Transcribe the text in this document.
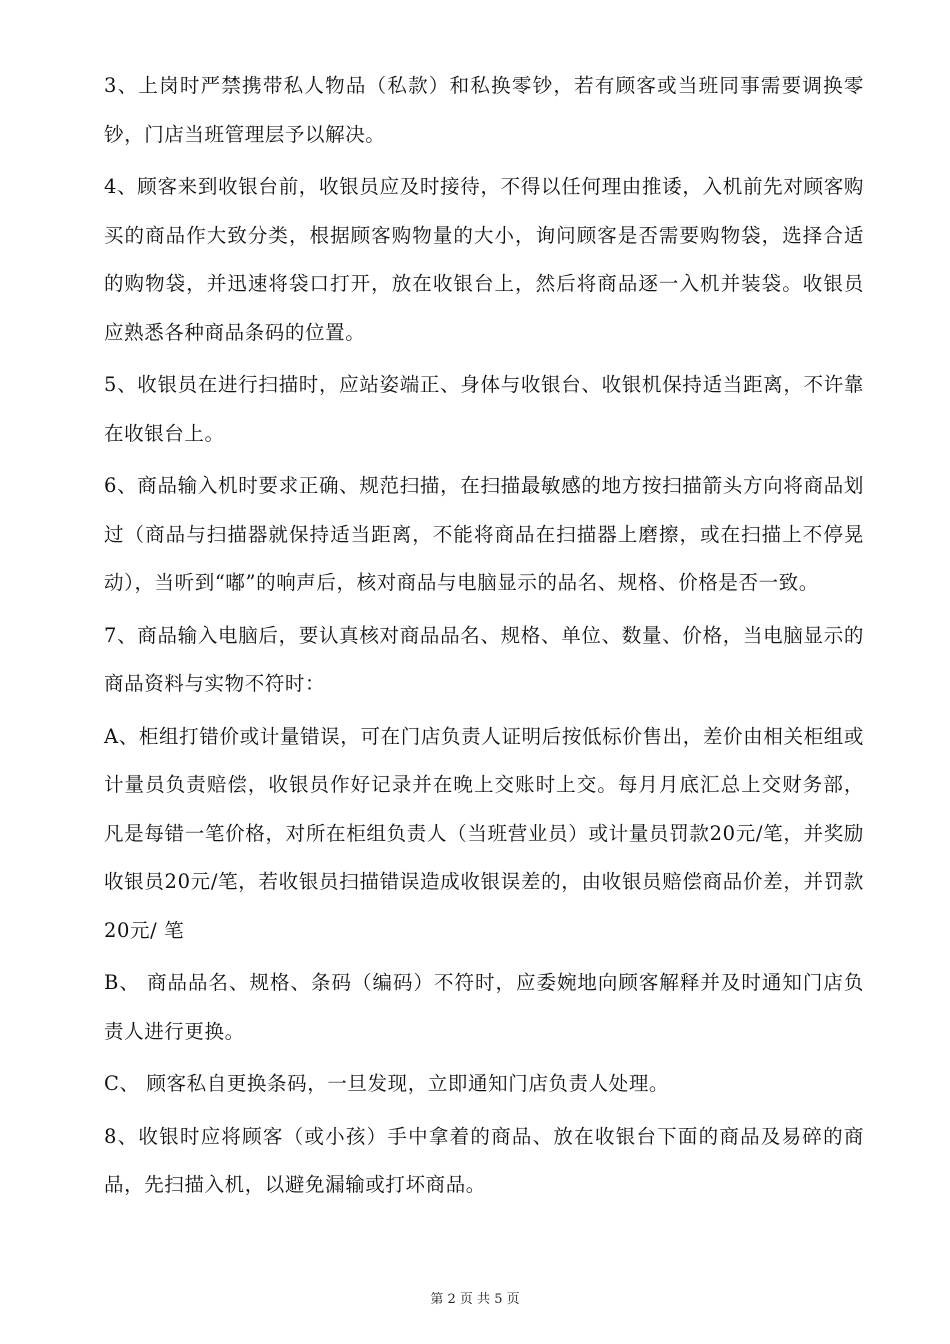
3、上岗时严禁携带私人物品（私款）和私换零钞，若有顾客或当班同事需要调换零钞，门店当班管理层予以解决。

4、顾客来到收银台前，收银员应及时接待，不得以任何理由推诿，入机前先对顾客购买的商品作大致分类，根据顾客购物量的大小，询问顾客是否需要购物袋，选择合适的购物袋，并迅速将袋口打开，放在收银台上，然后将商品逐一入机并装袋。收银员应熟悉各种商品条码的位置。

5、收银员在进行扫描时，应站姿端正、身体与收银台、收银机保持适当距离，不许靠在收银台上。

6、商品输入机时要求正确、规范扫描，在扫描最敏感的地方按扫描箭头方向将商品划过（商品与扫描器就保持适当距离，不能将商品在扫描器上磨擦，或在扫描上不停晃动），当听到“嘟”的响声后，核对商品与电脑显示的品名、规格、价格是否一致。

7、商品输入电脑后，要认真核对商品品名、规格、单位、数量、价格，当电脑显示的商品资料与实物不符时：

A、柜组打错价或计量错误，可在门店负责人证明后按低标价售出，差价由相关柜组或计量员负责赔偿，收银员作好记录并在晚上交账时上交。每月月底汇总上交财务部，凡是每错一笔价格，对所在柜组负责人（当班营业员）或计量员罚款20元/笔，并奖励收银员20元/笔，若收银员扫描错误造成收银误差的，由收银员赔偿商品价差，并罚款20元/ 笔

B、 商品品名、规格、条码（编码）不符时，应委婉地向顾客解释并及时通知门店负责人进行更换。

C、 顾客私自更换条码，一旦发现，立即通知门店负责人处理。

8、收银时应将顾客（或小孩）手中拿着的商品、放在收银台下面的商品及易碎的商品，先扫描入机，以避免漏输或打坏商品。

第 2 页 共 5 页
